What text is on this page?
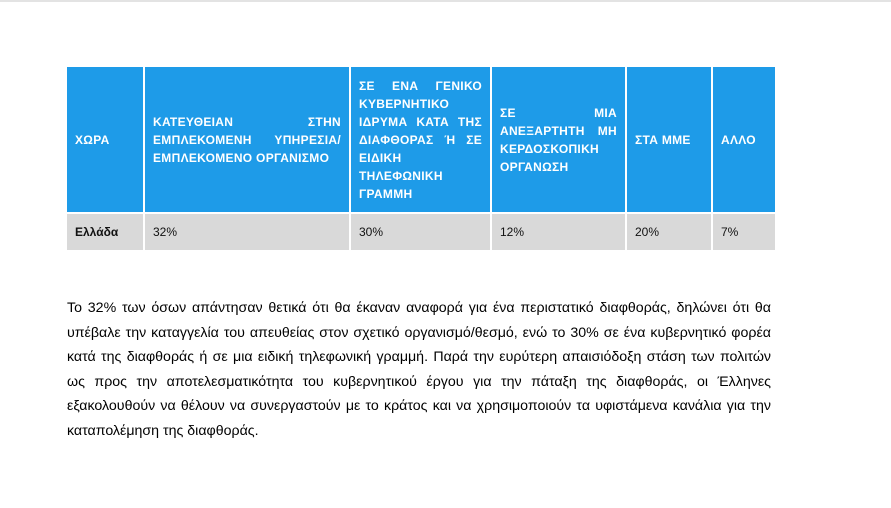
ΧΩΡΑ	ΚΑΤΕΥΘΕΙΑΝ ΣΤΗΝ ΕΜΠΛΕΚΟΜΕΝΗ ΥΠΗΡΕΣΙΑ/ ΕΜΠΛΕΚΟΜΕΝΟ ΟΡΓΑΝΙΣΜΟ	ΣΕ ΕΝΑ ΓΕΝΙΚΟ ΚΥΒΕΡΝΗΤΙΚΟ ΙΔΡΥΜΑ ΚΑΤΑ ΤΗΣ ΔΙΑΦΘΟΡΑΣ Ή ΣΕ ΕΙΔΙΚΗ ΤΗΛΕΦΩΝΙΚΗ ΓΡΑΜΜΗ	ΣΕ ΜΙΑ ΑΝΕΞΑΡΤΗΤΗ ΜΗ ΚΕΡΔΟΣΚΟΠΙΚΗ ΟΡΓΑΝΩΣΗ	ΣΤΑ ΜΜΕ	ΑΛΛΟ
Ελλάδα	32%	30%	12%	20%	7%

Το 32% των όσων απάντησαν θετικά ότι θα έκαναν αναφορά για ένα περιστατικό διαφθοράς, δηλώνει ότι θα υπέβαλε την καταγγελία του απευθείας στον σχετικό οργανισμό/θεσμό, ενώ το 30% σε ένα κυβερνητικό φορέα κατά της διαφθοράς ή σε μια ειδική τηλεφωνική γραμμή. Παρά την ευρύτερη απαισιόδοξη στάση των πολιτών ως προς την αποτελεσματικότητα του κυβερνητικού έργου για την πάταξη της διαφθοράς, οι Έλληνες εξακολουθούν να θέλουν να συνεργαστούν με το κράτος και να χρησιμοποιούν τα υφιστάμενα κανάλια για την καταπολέμηση της διαφθοράς.
